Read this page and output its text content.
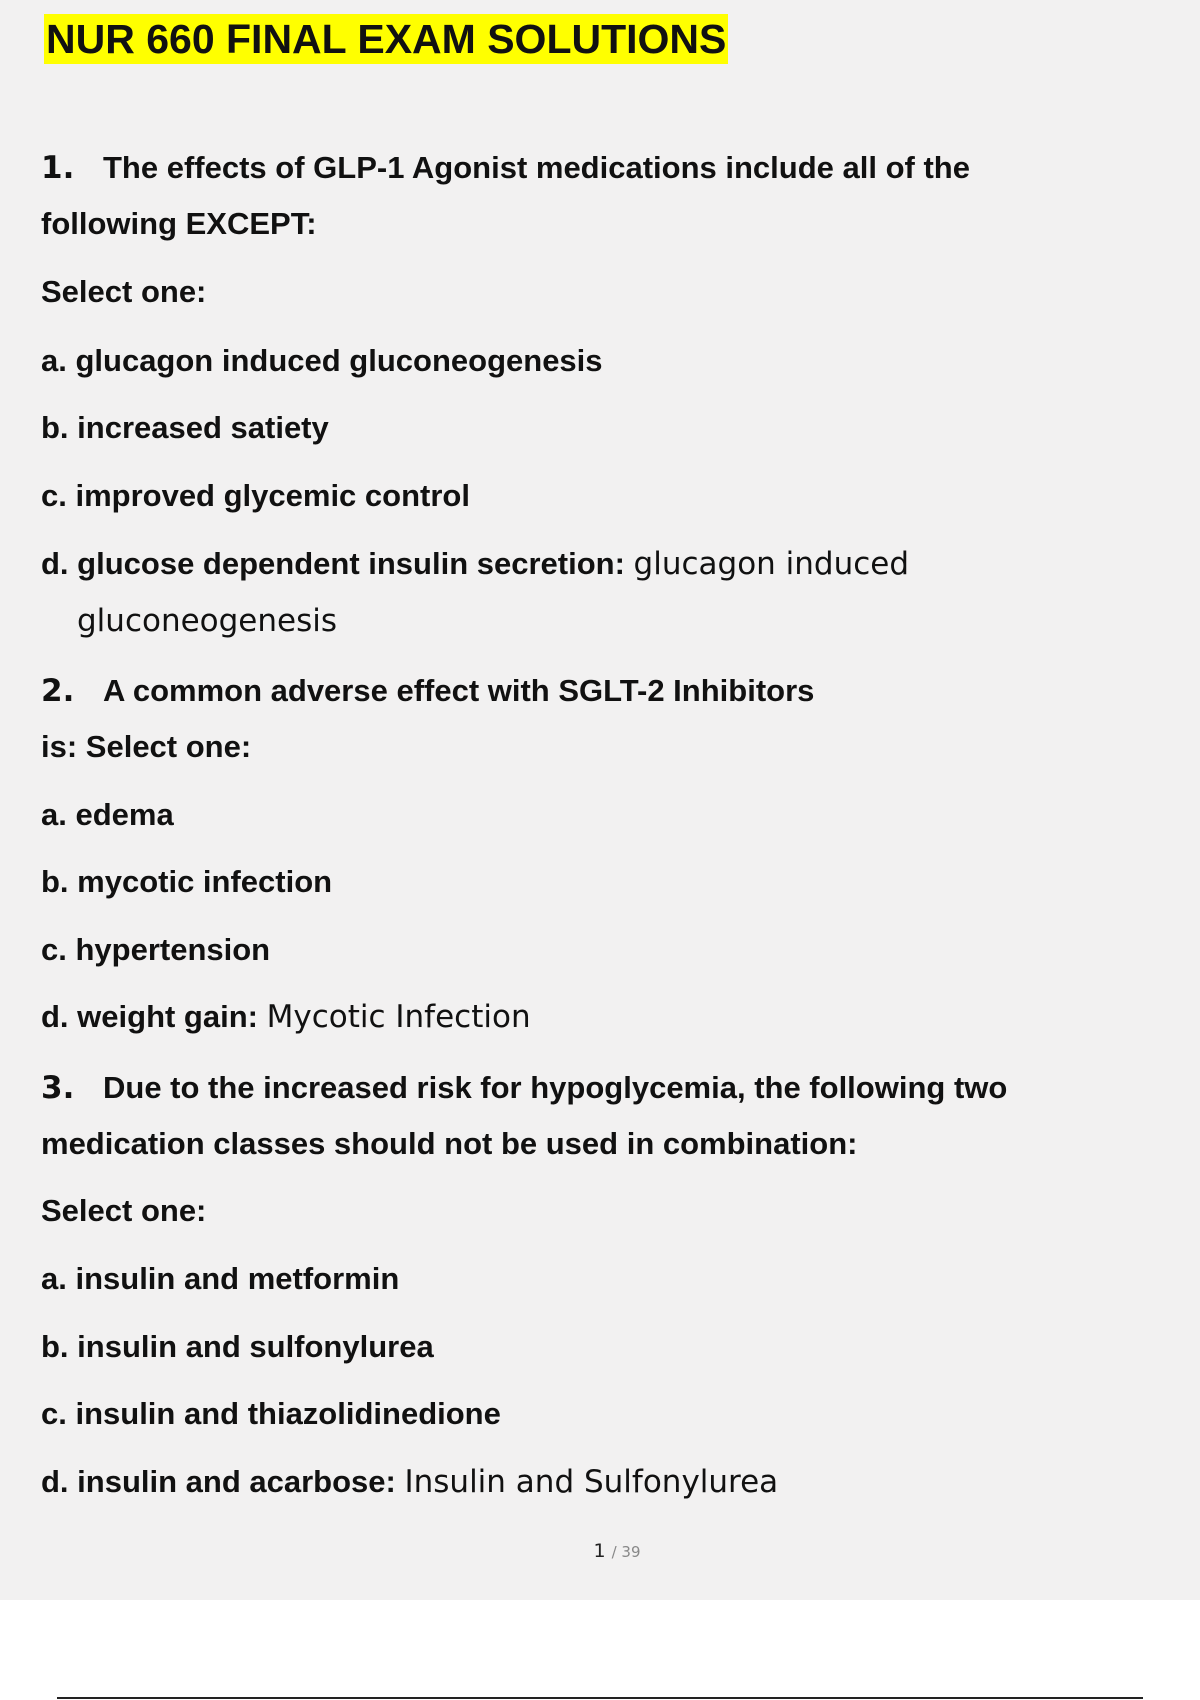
NUR 660 FINAL EXAM SOLUTIONS
1. The effects of GLP-1 Agonist medications include all of the
following EXCEPT:
Select one:
a. glucagon induced gluconeogenesis
b. increased satiety
c. improved glycemic control
d. glucose dependent insulin secretion: glucagon induced
gluconeogenesis
2. A common adverse effect with SGLT-2 Inhibitors
is: Select one:
a. edema
b. mycotic infection
c. hypertension
d. weight gain: Mycotic Infection
3. Due to the increased risk for hypoglycemia, the following two
medication classes should not be used in combination:
Select one:
a. insulin and metformin
b. insulin and sulfonylurea
c. insulin and thiazolidinedione
d. insulin and acarbose: Insulin and Sulfonylurea
1 / 39
